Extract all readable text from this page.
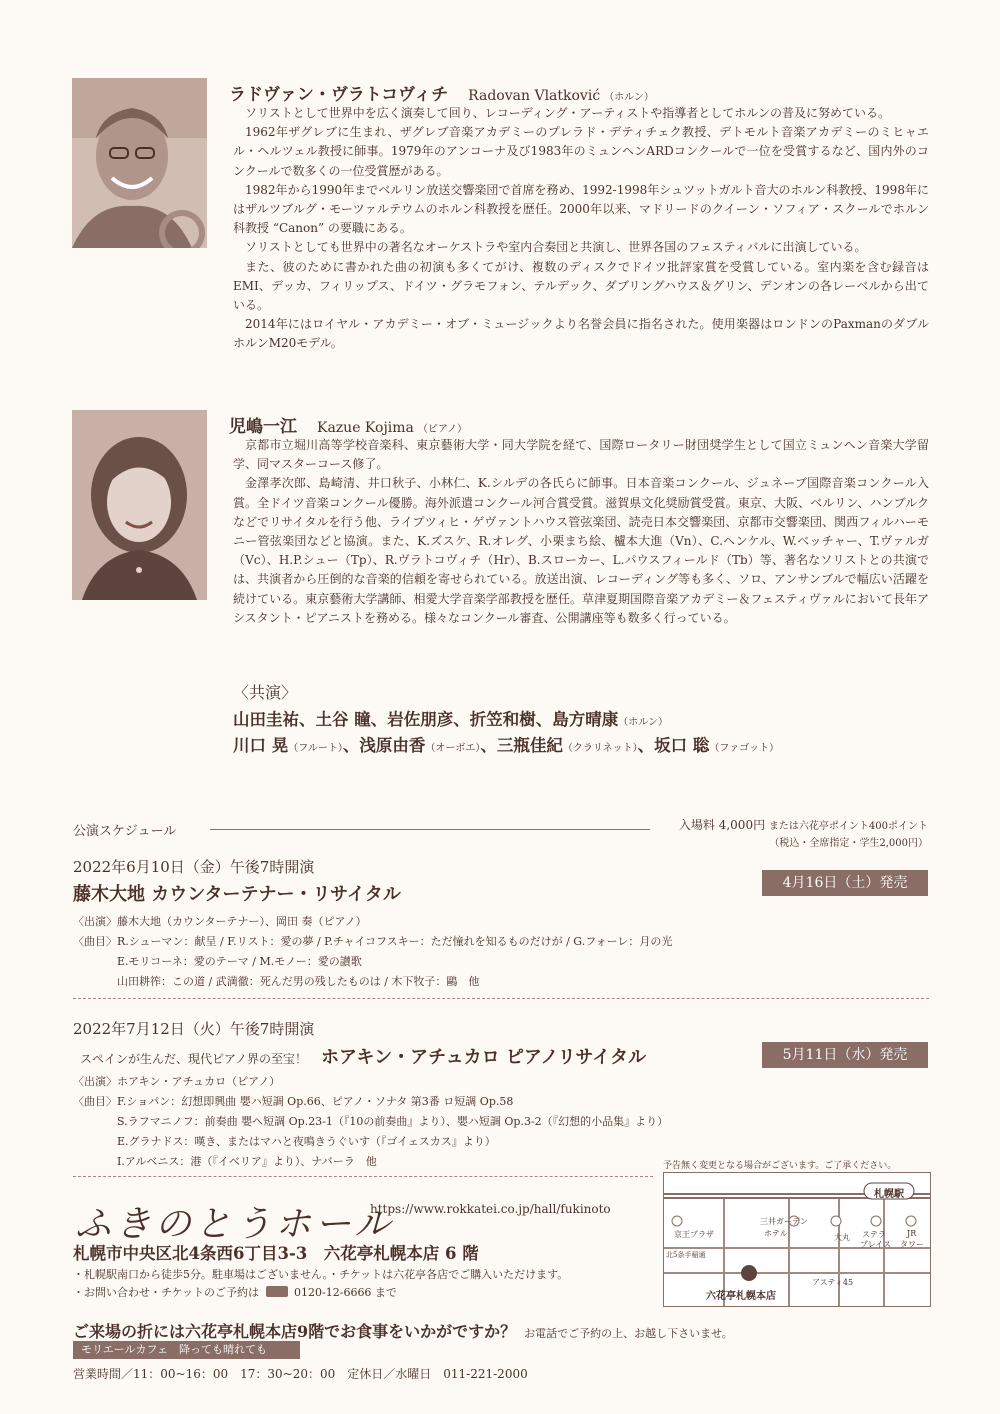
ラドヴァン・ヴラトコヴィチ Radovan Vlatković （ホルン）

ソリストとして世界中を広く演奏して回り、レコーディング・アーティストや指導者としてホルンの普及に努めている。

1962年ザグレブに生まれ、ザグレブ音楽アカデミーのプレラド・デティチェク教授、デトモルト音楽アカデミーのミヒャエル・ヘルツェル教授に師事。1979年のアンコーナ及び1983年のミュンヘンARDコンクールで一位を受賞するなど、国内外のコンクールで数多くの一位受賞歴がある。

1982年から1990年までベルリン放送交響楽団で首席を務め、1992-1998年シュツットガルト音大のホルン科教授、1998年にはザルツブルグ・モーツァルテウムのホルン科教授を歴任。2000年以来、マドリードのクイーン・ソフィア・スクールでホルン科教授 “Canon” の要職にある。

ソリストとしても世界中の著名なオーケストラや室内合奏団と共演し、世界各国のフェスティバルに出演している。

また、彼のために書かれた曲の初演も多くてがけ、複数のディスクでドイツ批評家賞を受賞している。室内楽を含む録音はEMI、デッカ、フィリップス、ドイツ・グラモフォン、テルデック、ダブリングハウス＆グリン、デンオンの各レーベルから出ている。

2014年にはロイヤル・アカデミー・オブ・ミュージックより名誉会員に指名された。使用楽器はロンドンのPaxmanのダブルホルンM20モデル。

児嶋一江 Kazue Kojima （ピアノ）

京都市立堀川高等学校音楽科、東京藝術大学・同大学院を経て、国際ロータリー財団奨学生として国立ミュンヘン音楽大学留学、同マスターコース修了。

金澤孝次郎、島崎清、井口秋子、小林仁、K.シルデの各氏らに師事。日本音楽コンクール、ジュネーブ国際音楽コンクール入賞。全ドイツ音楽コンクール優勝。海外派遣コンクール河合賞受賞。滋賀県文化奨励賞受賞。東京、大阪、ベルリン、ハンブルクなどでリサイタルを行う他、ライプツィヒ・ゲヴァントハウス管弦楽団、読売日本交響楽団、京都市交響楽団、関西フィルハーモニー管弦楽団などと協演。また、K.ズスケ、R.オレグ、小栗まち絵、櫨本大進（Vn）、C.ヘンケル、W.ベッチャー、T.ヴァルガ（Vc）、H.P.シュー（Tp）、R.ヴラトコヴィチ（Hr）、B.スローカー、L.パウスフィールド（Tb）等、著名なソリストとの共演では、共演者から圧倒的な音楽的信頼を寄せられている。放送出演、レコーディング等も多く、ソロ、アンサンブルで幅広い活躍を続けている。東京藝術大学講師、相愛大学音楽学部教授を歴任。草津夏期国際音楽アカデミー＆フェスティヴァルにおいて長年アシスタント・ピアニストを務める。様々なコンクール審査、公開講座等も数多く行っている。

〈共演〉
山田圭祐、土谷 瞳、岩佐朋彦、折笠和樹、島方晴康（ホルン）
川口 晃（フルート）、浅原由香（オーボエ）、三瓶佳紀（クラリネット）、坂口 聡（ファゴット）
公演スケジュール	入場料 4,000円 または六花亭ポイント400ポイント
（税込・全席指定・学生2,000円）
2022年6月10日（金）午後7時開演
藤木大地 カウンターテナー・リサイタル
4月16日（土）発売
〈出演〉藤木大地（カウンターテナー）、岡田 奏（ピアノ）
〈曲目〉R.シューマン：献呈 / F.リスト：愛の夢 / P.チャイコフスキー：ただ憧れを知るものだけが / G.フォーレ：月の光
E.モリコーネ：愛のテーマ / M.モノー：愛の讃歌
山田耕筰：この道 / 武満徹：死んだ男の残したものは / 木下牧子：鷗　他
2022年7月12日（火）午後7時開演
スペインが生んだ、現代ピアノ界の至宝！ ホアキン・アチュカロ ピアノリサイタル	5月11日（水）発売
〈出演〉ホアキン・アチュカロ（ピアノ）
〈曲目〉F.ショパン：幻想即興曲 嬰ハ短調 Op.66、ピアノ・ソナタ 第3番 ロ短調 Op.58
S.ラフマニノフ：前奏曲 嬰ヘ短調 Op.23-1（『10の前奏曲』より）、嬰ハ短調 Op.3-2（『幻想的小品集』より）
E.グラナドス：嘆き、またはマハと夜鳴きうぐいす（『ゴイェスカス』より）
I.アルベニス：港（『イベリア』より）、ナバーラ　他
ふきのとうホール
https://www.rokkatei.co.jp/hall/fukinoto
札幌市中央区北4条西6丁目3-3　六花亭札幌本店 6 階
・札幌駅南口から徒歩5分。駐車場はございません。・チケットは六花亭各店でご購入いただけます。
・お問い合わせ・チケットのご予約は	0120-12-6666 まで
予告無く変更となる場合がございます。ご了承ください。
札幌駅
京王プラザ
三井ガーデン
ホテル	大丸 ステラ
プレイス
JR
タワー
北5条手稲通
アスティ45
六花亭札幌本店
ご来場の折には六花亭札幌本店9階でお食事をいかがですか？ お電話でご予約の上、お越し下さいませ。
モリエールカフェ　降っても晴れても
営業時間／11：00~16：00　17：30~20：00　定休日／水曜日　011-221-2000
